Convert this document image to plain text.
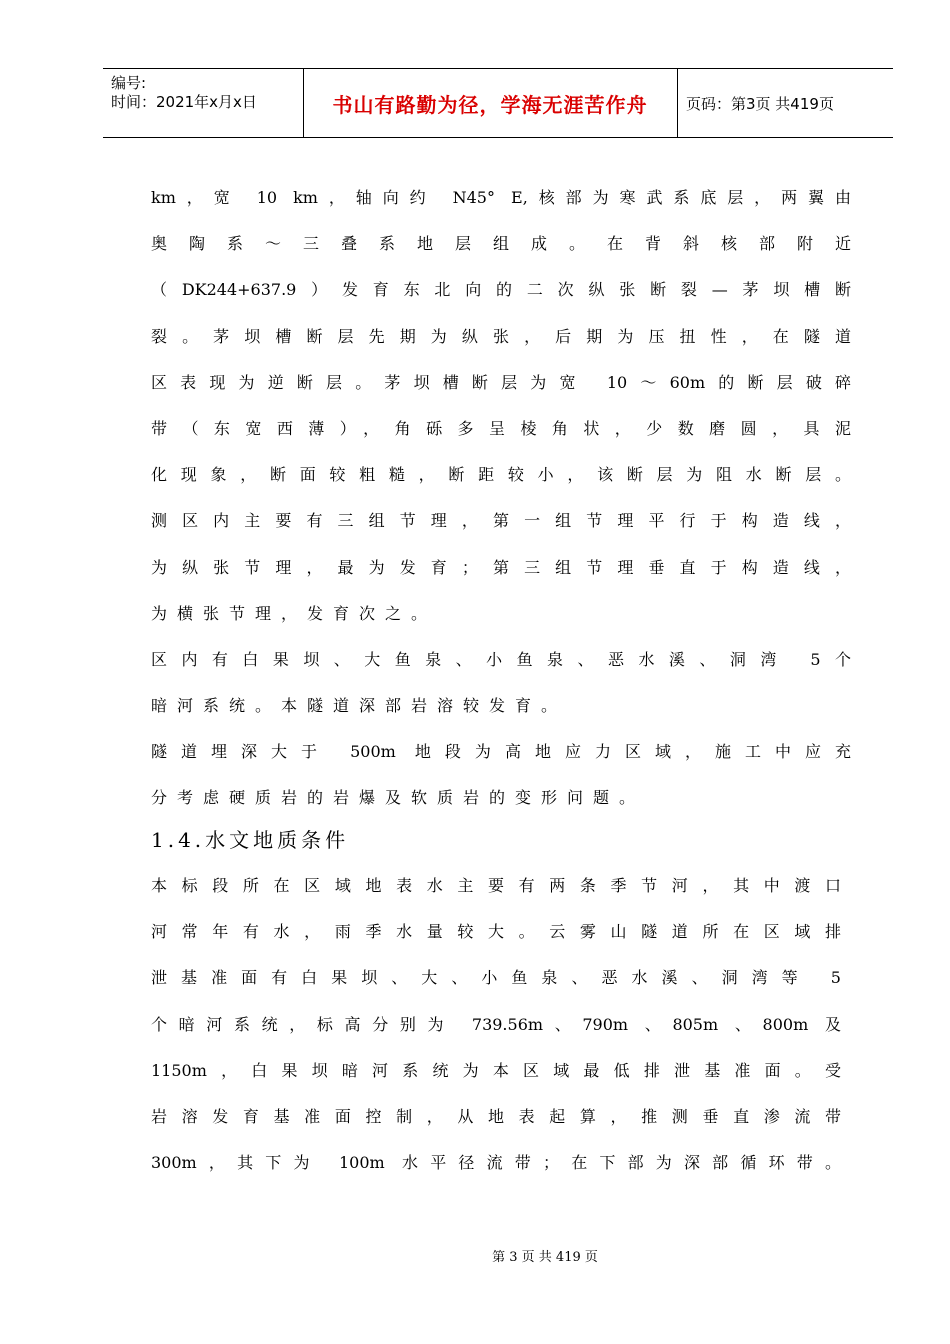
编号:
时间：2021年x月x日	书山有路勤为径，学海无涯苦作舟	页码：第3页 共419页
km，宽 10 km，轴向约 N45° E,核部为寒武系底层，两翼由
奥陶系～三叠系地层组成。在背斜核部附近
（DK244+637.9）发育东北向的二次纵张断裂—茅坝槽断
裂。茅坝槽断层先期为纵张，后期为压扭性，在隧道
区表现为逆断层。茅坝槽断层为宽 10～60m的断层破碎
带（东宽西薄），角砾多呈棱角状，少数磨圆，具泥
化现象，断面较粗糙，断距较小，该断层为阻水断层。
测区内主要有三组节理，第一组节理平行于构造线，
为纵张节理，最为发育；第三组节理垂直于构造线，
为横张节理，发育次之。
区内有白果坝、大鱼泉、小鱼泉、恶水溪、洞湾 5个
暗河系统。本隧道深部岩溶较发育。
隧道埋深大于 500m 地段为高地应力区域，施工中应充
分考虑硬质岩的岩爆及软质岩的变形问题。
1.4.水文地质条件
本标段所在区域地表水主要有两条季节河，其中渡口
河常年有水，雨季水量较大。云雾山隧道所在区域排
泄基准面有白果坝、大、小鱼泉、恶水溪、洞湾等 5
个暗河系统，标高分别为 739.56m、790m 、805m 、800m 及
1150m，白果坝暗河系统为本区域最低排泄基准面。受
岩溶发育基准面控制，从地表起算，推测垂直渗流带
300m，其下为 100m 水平径流带；在下部为深部循环带。
第 3 页 共 419 页
